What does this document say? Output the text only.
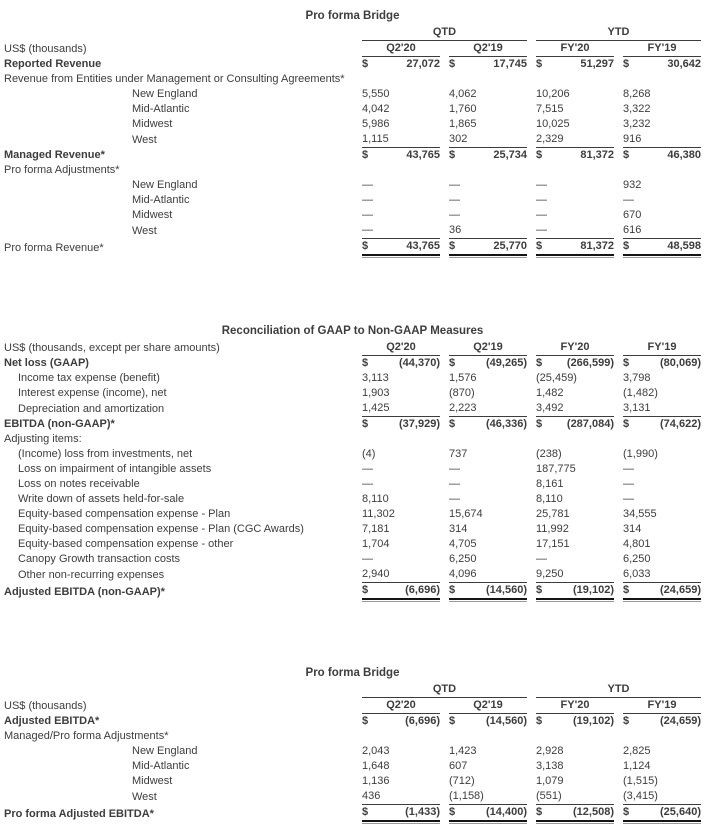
Pro forma Bridge

	QTD		YTD	

US$ (thousands)	Q2'20	Q2'19	FY'20	FY'19

Reported Revenue	$ 27,072	$ 17,745	$ 51,297	$ 30,642

Revenue from Entities under Management or Consulting Agreements*				
New England	5,550	4,062	10,206	8,268

Mid-Atlantic	4,042	1,760	7,515	3,322

Midwest	5,986	1,865	10,025	3,232

West	1,115	302	2,329	916

Managed Revenue*	$ 43,765	$ 25,734	$ 81,372	$ 46,380

Pro forma Adjustments*				
New England	—	—	—	932

Mid-Atlantic	—	—	—	—

Midwest	—	—	—	670

West	—	36	—	616

Pro forma Revenue*	$ 43,765	$ 25,770	$ 81,372	$ 48,598
Reconciliation of GAAP to Non-GAAP Measures
US$ (thousands, except per share amounts)	Q2'20	Q2'19	FY'20	FY'19

Net loss (GAAP)	$ (44,370)	$ (49,265)	$ (266,599)	$ (80,069)

Income tax expense (benefit)	3,113	1,576	(25,459)	3,798

Interest expense (income), net	1,903	(870)	1,482	(1,482)

Depreciation and amortization	1,425	2,223	3,492	3,131

EBITDA (non-GAAP)*	$ (37,929)	$ (46,336)	$ (287,084)	$ (74,622)

Adjusting items:				
(Income) loss from investments, net	(4)	737	(238)	(1,990)

Loss on impairment of intangible assets	—	—	187,775	—

Loss on notes receivable	—	—	8,161	—

Write down of assets held-for-sale	8,110	—	8,110	—

Equity-based compensation expense - Plan	11,302	15,674	25,781	34,555

Equity-based compensation expense - Plan (CGC Awards)	7,181	314	11,992	314

Equity-based compensation expense - other	1,704	4,705	17,151	4,801

Canopy Growth transaction costs	—	6,250	—	6,250

Other non-recurring expenses	2,940	4,096	9,250	6,033

Adjusted EBITDA (non-GAAP)*	$ (6,696)	$ (14,560)	$ (19,102)	$ (24,659)
Pro forma Bridge

	QTD		YTD	

US$ (thousands)	Q2'20	Q2'19	FY'20	FY'19

Adjusted EBITDA*	$ (6,696)	$ (14,560)	$ (19,102)	$ (24,659)

Managed/Pro forma Adjustments*				
New England	2,043	1,423	2,928	2,825

Mid-Atlantic	1,648	607	3,138	1,124

Midwest	1,136	(712)	1,079	(1,515)

West	436	(1,158)	(551)	(3,415)

Pro forma Adjusted EBITDA*	$ (1,433)	$ (14,400)	$ (12,508)	$ (25,640)
